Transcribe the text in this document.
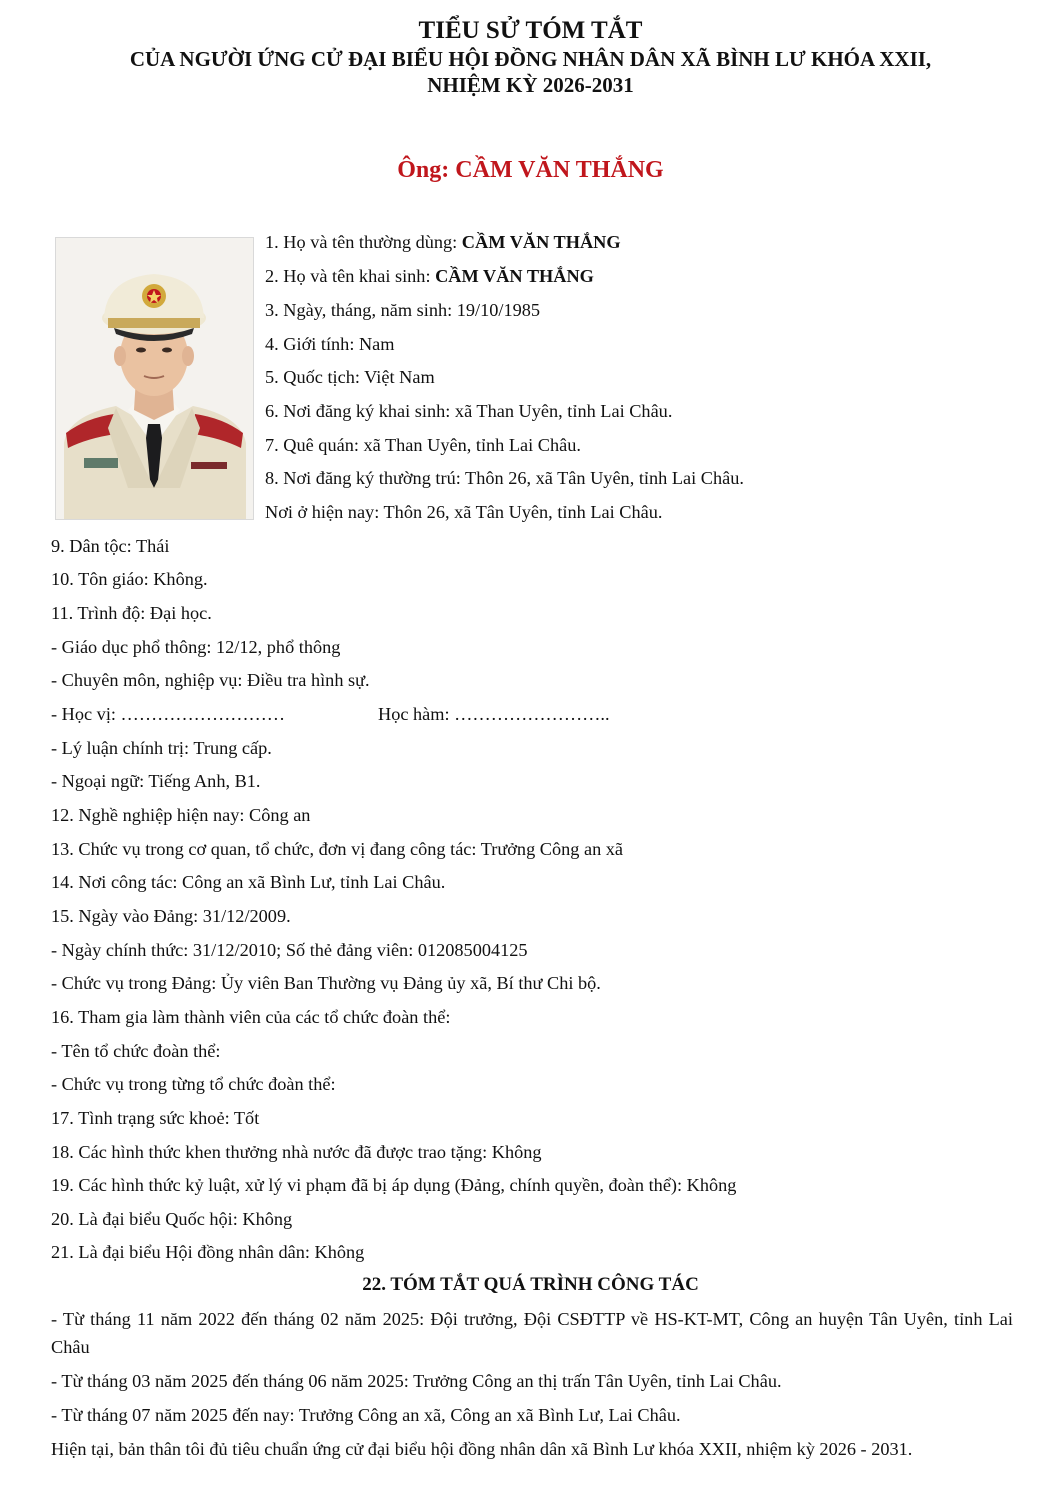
TIỂU SỬ TÓM TẮT
CỦA NGƯỜI ỨNG CỬ ĐẠI BIỂU HỘI ĐỒNG NHÂN DÂN XÃ BÌNH LƯ KHÓA XXII,
NHIỆM KỲ 2026-2031
Ông: CẦM VĂN THẮNG
1. Họ và tên thường dùng: CẦM VĂN THẮNG
2. Họ và tên khai sinh: CẦM VĂN THẮNG
3. Ngày, tháng, năm sinh: 19/10/1985
4. Giới tính: Nam
5. Quốc tịch: Việt Nam
6. Nơi đăng ký khai sinh: xã Than Uyên, tỉnh Lai Châu.
7. Quê quán: xã Than Uyên, tỉnh Lai Châu.
8. Nơi đăng ký thường trú: Thôn 26, xã Tân Uyên, tỉnh Lai Châu.
Nơi ở hiện nay: Thôn 26, xã Tân Uyên, tỉnh Lai Châu.
9. Dân tộc: Thái
10. Tôn giáo: Không.
11. Trình độ: Đại học.
- Giáo dục phổ thông: 12/12, phổ thông
- Chuyên môn, nghiệp vụ: Điều tra hình sự.
- Học vị: ………………………	Học hàm: ……………………..
- Lý luận chính trị: Trung cấp.
- Ngoại ngữ: Tiếng Anh, B1.
12. Nghề nghiệp hiện nay: Công an
13. Chức vụ trong cơ quan, tổ chức, đơn vị đang công tác: Trưởng Công an xã
14. Nơi công tác: Công an xã Bình Lư, tỉnh Lai Châu.
15. Ngày vào Đảng: 31/12/2009.
- Ngày chính thức: 31/12/2010; Số thẻ đảng viên: 012085004125
- Chức vụ trong Đảng: Ủy viên Ban Thường vụ Đảng ủy xã, Bí thư Chi bộ.
16. Tham gia làm thành viên của các tổ chức đoàn thể:
- Tên tổ chức đoàn thể:
- Chức vụ trong từng tổ chức đoàn thể:
17. Tình trạng sức khoẻ: Tốt
18. Các hình thức khen thưởng nhà nước đã được trao tặng: Không
19. Các hình thức kỷ luật, xử lý vi phạm đã bị áp dụng (Đảng, chính quyền, đoàn thể): Không
20. Là đại biểu Quốc hội: Không
21. Là đại biểu Hội đồng nhân dân: Không
22. TÓM TẮT QUÁ TRÌNH CÔNG TÁC
- Từ tháng 11 năm 2022 đến tháng 02 năm 2025: Đội trưởng, Đội CSĐTTP về HS-KT-MT, Công an huyện Tân Uyên, tỉnh Lai Châu
- Từ tháng 03 năm 2025 đến tháng 06 năm 2025: Trưởng Công an thị trấn Tân Uyên, tỉnh Lai Châu.
- Từ tháng 07 năm 2025 đến nay: Trưởng Công an xã, Công an xã Bình Lư, Lai Châu.
Hiện tại, bản thân tôi đủ tiêu chuẩn ứng cử đại biểu hội đồng nhân dân xã Bình Lư khóa XXII, nhiệm kỳ 2026 - 2031.
